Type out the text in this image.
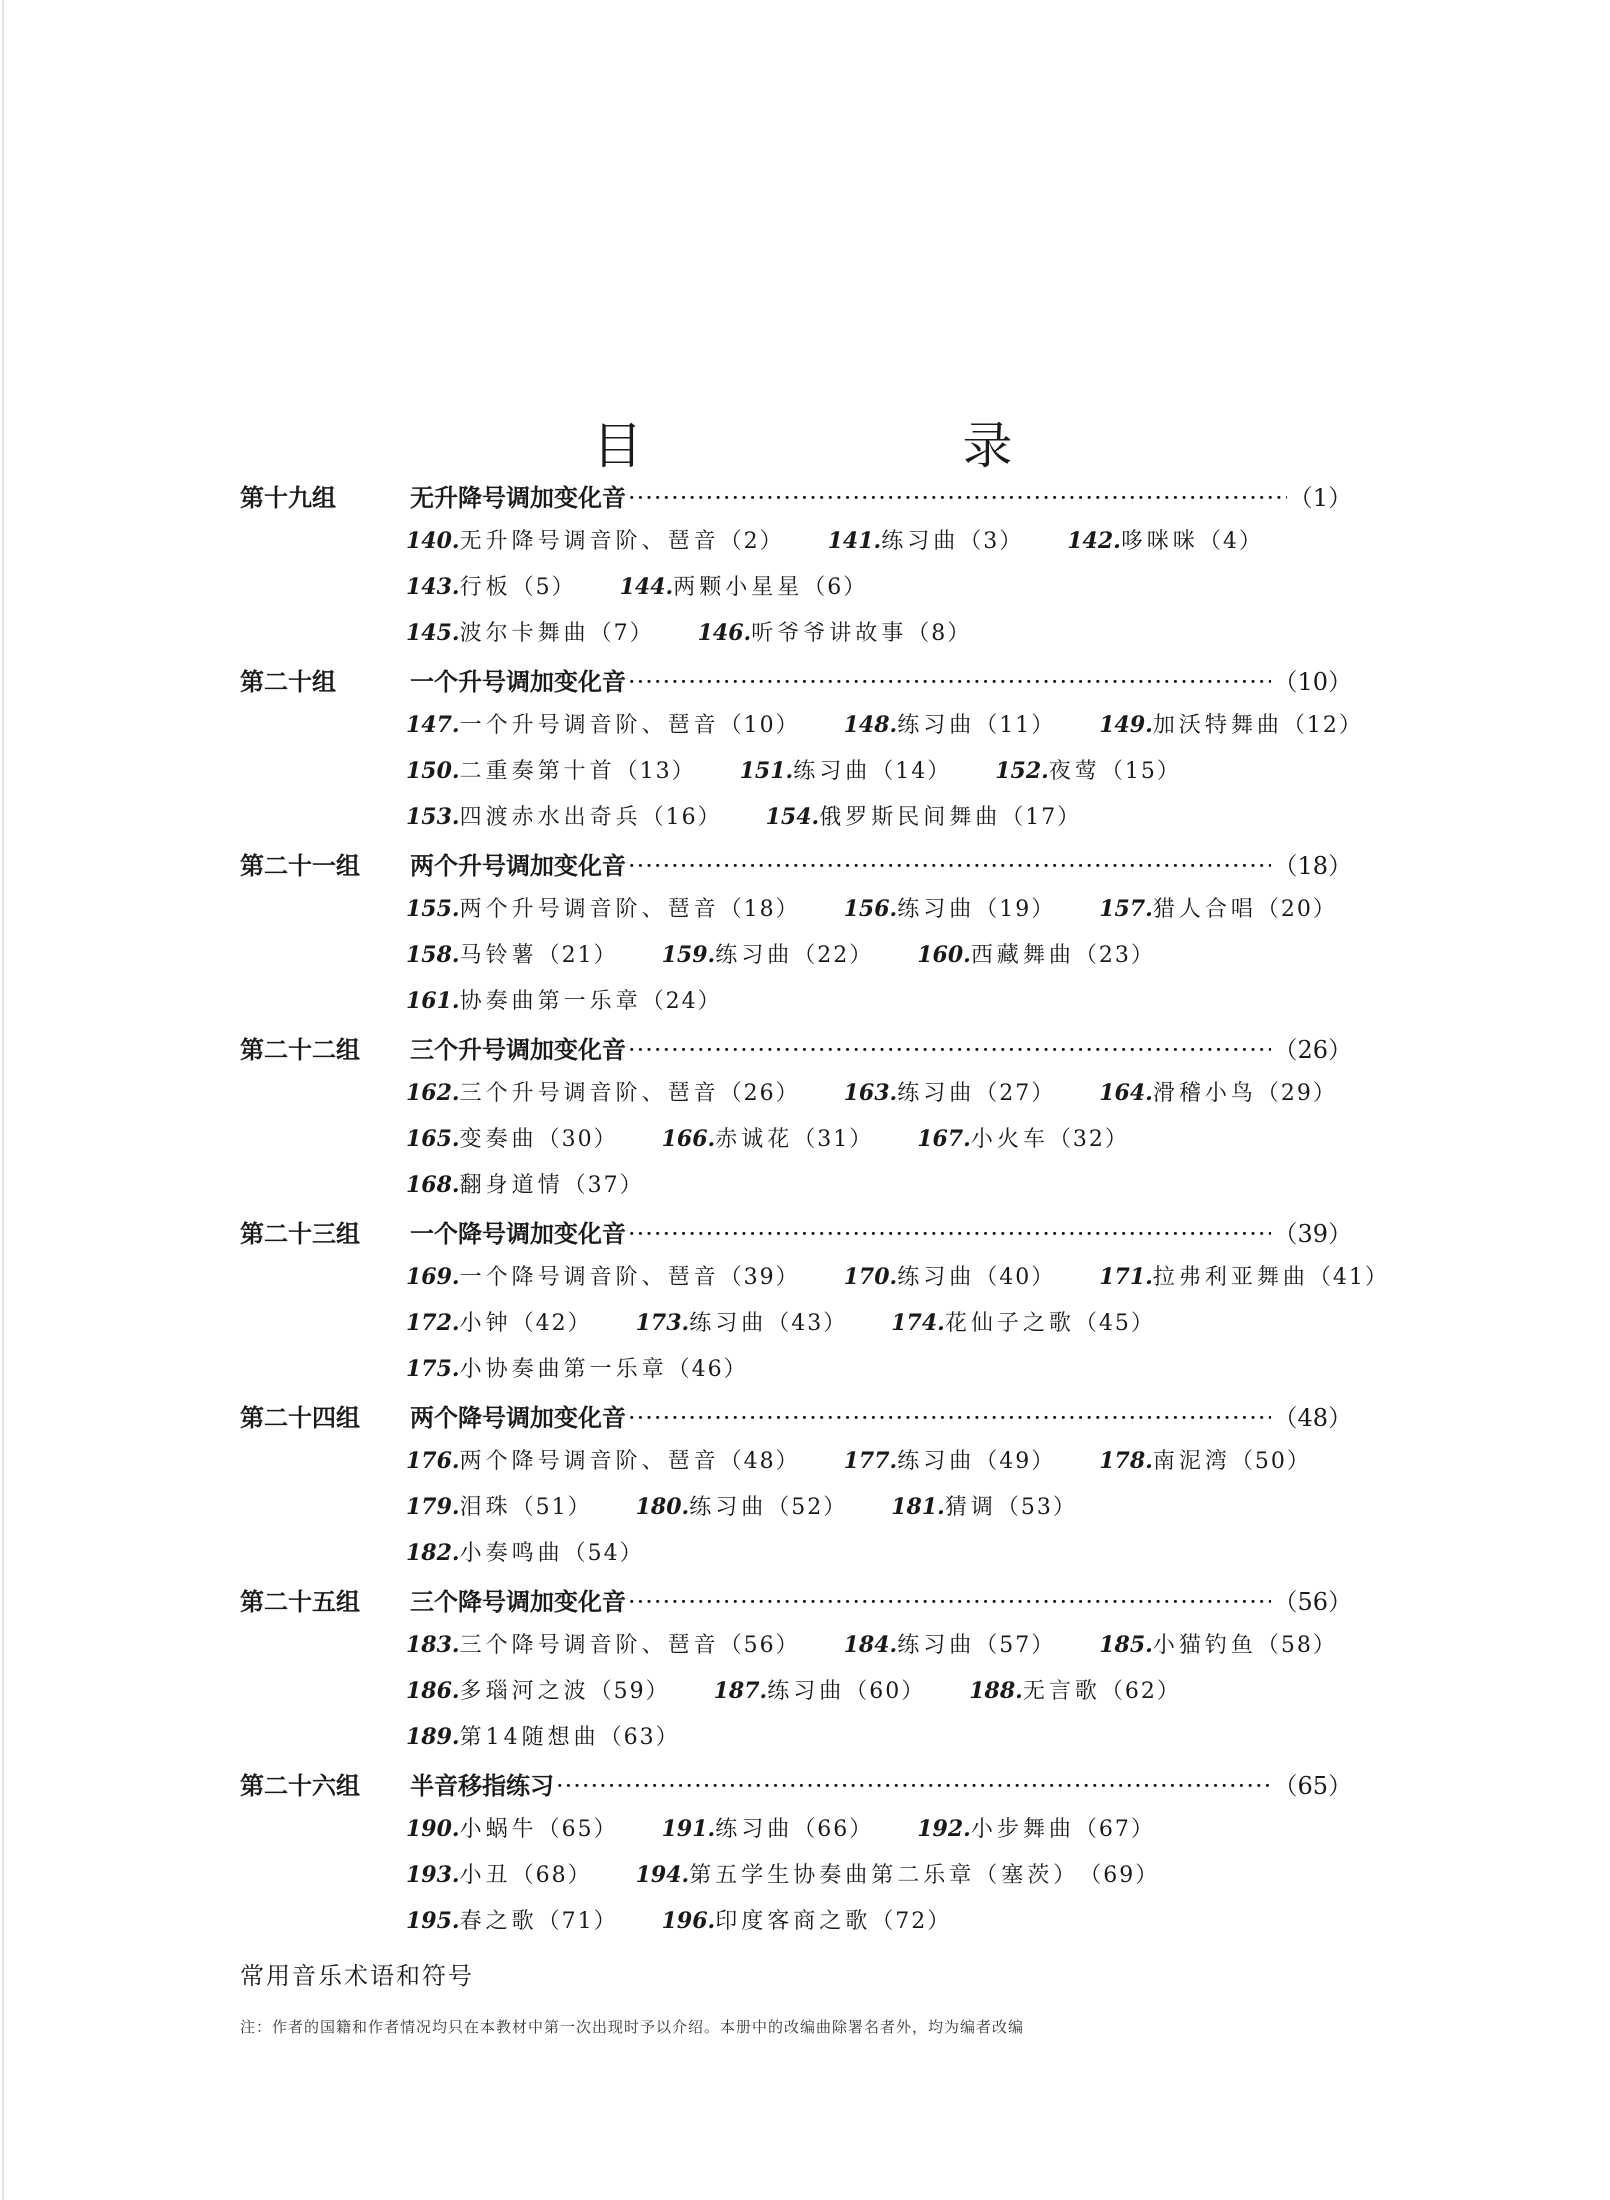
目　录
第十九组	无升降号调加变化音 ·····	（1）
140. 无升降号调音阶、琶音 （2） 141. 练习曲 （3） 142. 哆咪咪 （4）
143. 行板 （5） 144. 两颗小星星 （6）
145. 波尔卡舞曲 （7） 146. 听爷爷讲故事 （8）
第二十组	一个升号调加变化音 ·····	（10）
147. 一个升号调音阶、琶音 （10） 148. 练习曲 （11） 149. 加沃特舞曲 （12）
150. 二重奏第十首 （13） 151. 练习曲 （14） 152. 夜莺 （15）
153. 四渡赤水出奇兵 （16） 154. 俄罗斯民间舞曲 （17）
第二十一组	两个升号调加变化音 ·····	（18）
155. 两个升号调音阶、琶音 （18） 156. 练习曲 （19） 157. 猎人合唱 （20）
158. 马铃薯 （21） 159. 练习曲 （22） 160. 西藏舞曲 （23）
161. 协奏曲第一乐章 （24）
第二十二组	三个升号调加变化音 ·····	（26）
162. 三个升号调音阶、琶音 （26） 163. 练习曲 （27） 164. 滑稽小鸟 （29）
165. 变奏曲 （30） 166. 赤诚花 （31） 167. 小火车 （32）
168. 翻身道情 （37）
第二十三组	一个降号调加变化音 ·····	（39）
169. 一个降号调音阶、琶音 （39） 170. 练习曲 （40） 171. 拉弗利亚舞曲 （41）
172. 小钟 （42） 173. 练习曲 （43） 174. 花仙子之歌 （45）
175. 小协奏曲第一乐章 （46）
第二十四组	两个降号调加变化音 ·····	（48）
176. 两个降号调音阶、琶音 （48） 177. 练习曲 （49） 178. 南泥湾 （50）
179. 泪珠 （51） 180. 练习曲 （52） 181. 猜调 （53）
182. 小奏鸣曲 （54）
第二十五组	三个降号调加变化音 ·····	（56）
183. 三个降号调音阶、琶音 （56） 184. 练习曲 （57） 185. 小猫钓鱼 （58）
186. 多瑙河之波 （59） 187. 练习曲 （60） 188. 无言歌 （62）
189. 第14随想曲 （63）
第二十六组	半音移指练习 ·····	（65）
190. 小蜗牛 （65） 191. 练习曲 （66） 192. 小步舞曲 （67）
193. 小丑 （68） 194. 第五学生协奏曲第二乐章（塞茨） （69）
195. 春之歌 （71） 196. 印度客商之歌 （72）
常用音乐术语和符号
注：作者的国籍和作者情况均只在本教材中第一次出现时予以介绍。本册中的改编曲除署名者外，均为编者改编
